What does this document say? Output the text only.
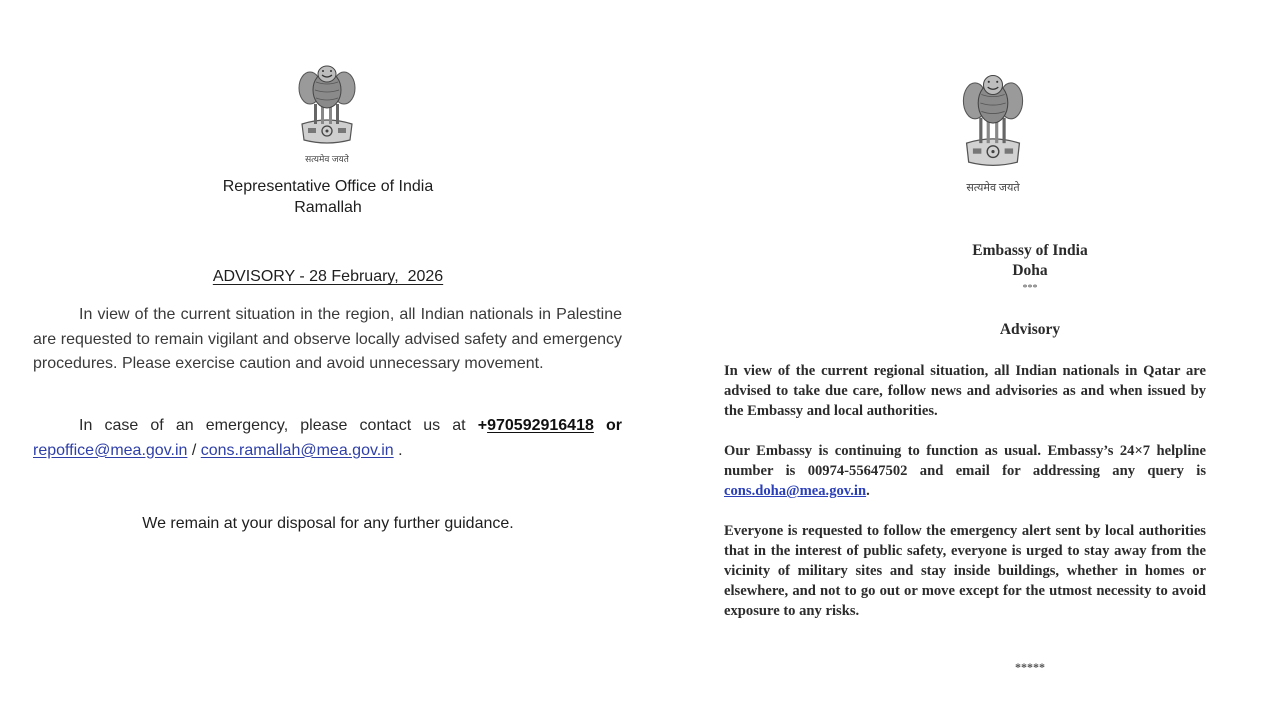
सत्यमेव जयते
Representative Office of India
Ramallah
ADVISORY - 28 February,  2026

In view of the current situation in the region, all Indian nationals in Palestine are requested to remain vigilant and observe locally advised safety and emergency procedures. Please exercise caution and avoid unnecessary movement.

In case of an emergency, please contact us at +970592916418 or repoffice@mea.gov.in / cons.ramallah@mea.gov.in .

We remain at your disposal for any further guidance.
सत्यमेव जयते
Embassy of India
Doha
***
Advisory

In view of the current regional situation, all Indian nationals in Qatar are advised to take due care, follow news and advisories as and when issued by the Embassy and local authorities.

Our Embassy is continuing to function as usual. Embassy’s 24×7 helpline number is 00974-55647502 and email for addressing any query is cons.doha@mea.gov.in.

Everyone is requested to follow the emergency alert sent by local authorities that in the interest of public safety, everyone is urged to stay away from the vicinity of military sites and stay inside buildings, whether in homes or elsewhere, and not to go out or move except for the utmost necessity to avoid exposure to any risks.

*****
